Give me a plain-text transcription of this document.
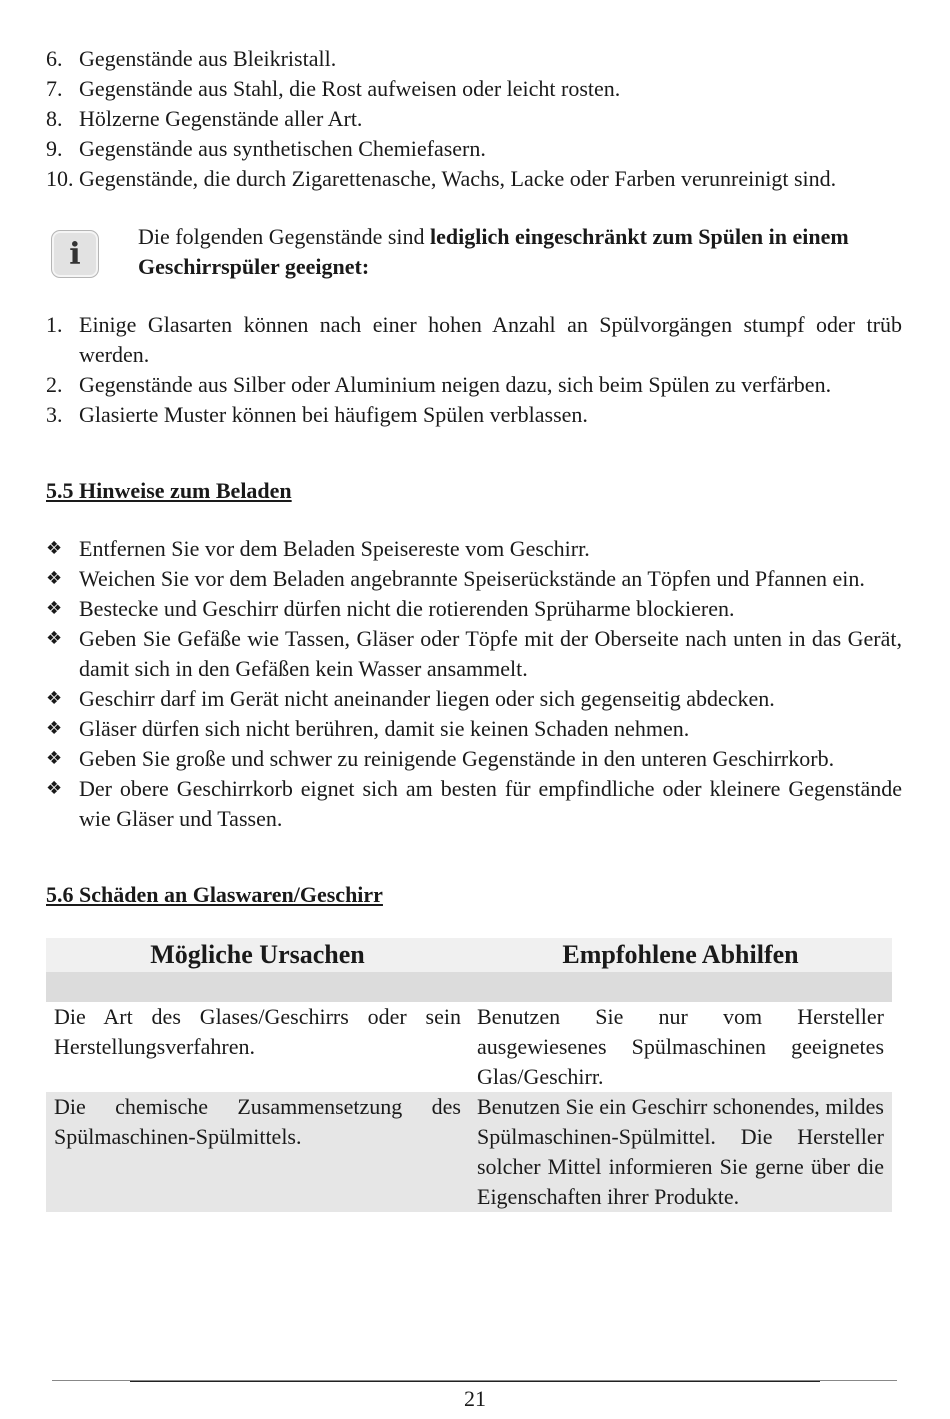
6. Gegenstände aus Bleikristall.
7. Gegenstände aus Stahl, die Rost aufweisen oder leicht rosten.
8. Hölzerne Gegenstände aller Art.
9. Gegenstände aus synthetischen Chemiefasern.
10. Gegenstände, die durch Zigarettenasche, Wachs, Lacke oder Farben verunreinigt sind.
i	Die folgenden Gegenstände sind lediglich eingeschränkt zum Spülen in einem Geschirrspüler geeignet:
1. Einige Glasarten können nach einer hohen Anzahl an Spülvorgängen stumpf oder trüb werden.
2. Gegenstände aus Silber oder Aluminium neigen dazu, sich beim Spülen zu verfärben.
3. Glasierte Muster können bei häufigem Spülen verblassen.
5.5 Hinweise zum Beladen
❖ Entfernen Sie vor dem Beladen Speisereste vom Geschirr.
❖ Weichen Sie vor dem Beladen angebrannte Speiserückstände an Töpfen und Pfannen ein.
❖ Bestecke und Geschirr dürfen nicht die rotierenden Sprüharme blockieren.
❖ Geben Sie Gefäße wie Tassen, Gläser oder Töpfe mit der Oberseite nach unten in das Gerät, damit sich in den Gefäßen kein Wasser ansammelt.
❖ Geschirr darf im Gerät nicht aneinander liegen oder sich gegenseitig abdecken.
❖ Gläser dürfen sich nicht berühren, damit sie keinen Schaden nehmen.
❖ Geben Sie große und schwer zu reinigende Gegenstände in den unteren Geschirrkorb.
❖ Der obere Geschirrkorb eignet sich am besten für empfindliche oder kleinere Gegenstände wie Gläser und Tassen.
5.6 Schäden an Glaswaren/Geschirr
Mögliche Ursachen	Empfohlene Abhilfen

Die Art des Glases/Geschirrs oder sein Herstellungsverfahren.	Benutzen Sie nur vom Hersteller ausgewiesenes Spülmaschinen geeignetes Glas/Geschirr.
Die chemische Zusammensetzung des Spülmaschinen-Spülmittels.	Benutzen Sie ein Geschirr schonendes, mildes Spülmaschinen-Spülmittel. Die Hersteller solcher Mittel informieren Sie gerne über die Eigenschaften ihrer Produkte.
21
